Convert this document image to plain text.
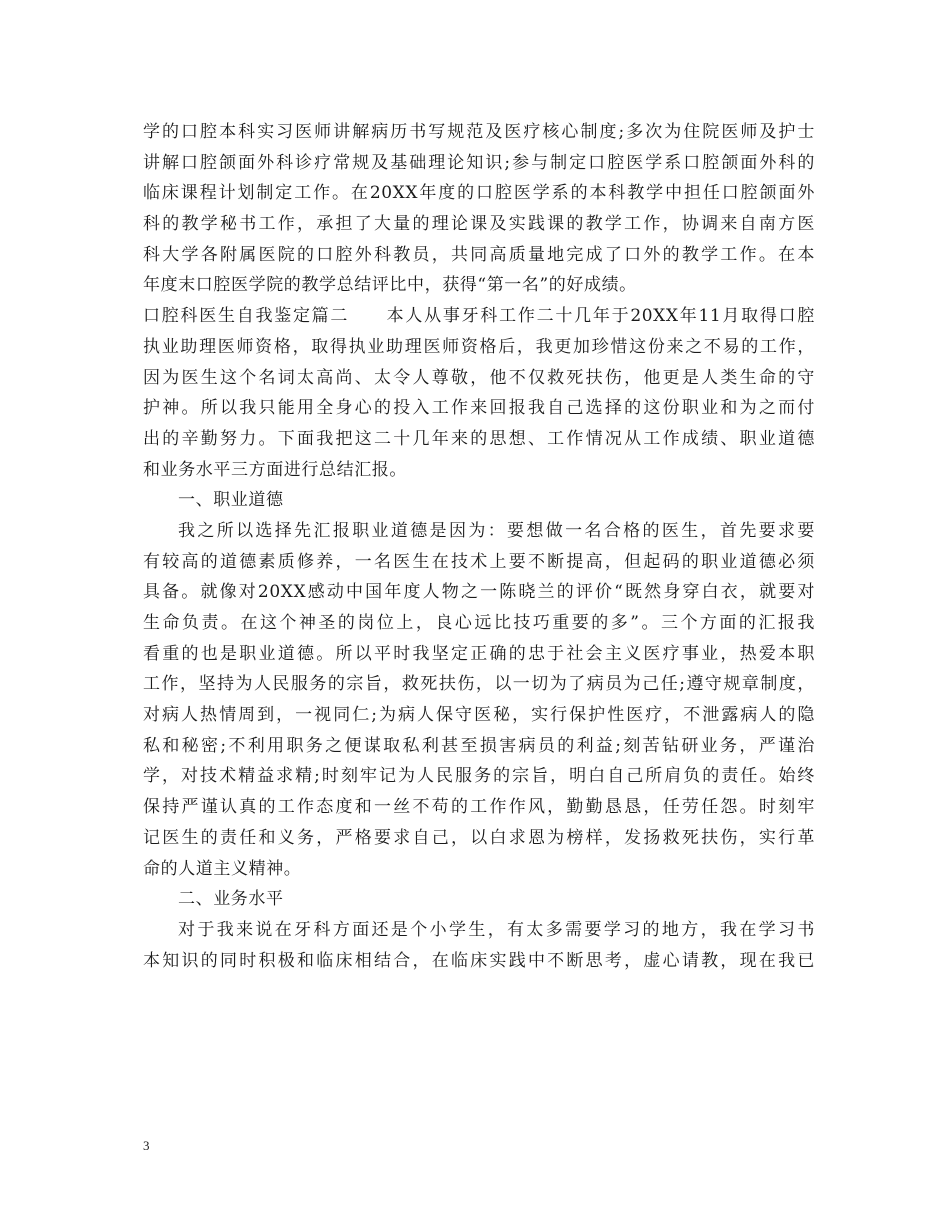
学的口腔本科实习医师讲解病历书写规范及医疗核心制度;多次为住院医师及护士
讲解口腔颌面外科诊疗常规及基础理论知识;参与制定口腔医学系口腔颌面外科的
临床课程计划制定工作。在20XX年度的口腔医学系的本科教学中担任口腔颌面外
科的教学秘书工作，承担了大量的理论课及实践课的教学工作，协调来自南方医
科大学各附属医院的口腔外科教员，共同高质量地完成了口外的教学工作。在本
年度末口腔医学院的教学总结评比中，获得“第一名”的好成绩。
口腔科医生自我鉴定篇二　　本人从事牙科工作二十几年于20XX年11月取得口腔
执业助理医师资格，取得执业助理医师资格后，我更加珍惜这份来之不易的工作，
因为医生这个名词太高尚、太令人尊敬，他不仅救死扶伤，他更是人类生命的守
护神。所以我只能用全身心的投入工作来回报我自己选择的这份职业和为之而付
出的辛勤努力。下面我把这二十几年来的思想、工作情况从工作成绩、职业道德
和业务水平三方面进行总结汇报。
一、职业道德
我之所以选择先汇报职业道德是因为：要想做一名合格的医生，首先要求要
有较高的道德素质修养，一名医生在技术上要不断提高，但起码的职业道德必须
具备。就像对20XX感动中国年度人物之一陈晓兰的评价“既然身穿白衣，就要对
生命负责。在这个神圣的岗位上，良心远比技巧重要的多”。三个方面的汇报我
看重的也是职业道德。所以平时我坚定正确的忠于社会主义医疗事业，热爱本职
工作，坚持为人民服务的宗旨，救死扶伤，以一切为了病员为己任;遵守规章制度，
对病人热情周到，一视同仁;为病人保守医秘，实行保护性医疗，不泄露病人的隐
私和秘密;不利用职务之便谋取私利甚至损害病员的利益;刻苦钻研业务，严谨治
学，对技术精益求精;时刻牢记为人民服务的宗旨，明白自己所肩负的责任。始终
保持严谨认真的工作态度和一丝不苟的工作作风，勤勤恳恳，任劳任怨。时刻牢
记医生的责任和义务，严格要求自己，以白求恩为榜样，发扬救死扶伤，实行革
命的人道主义精神。
二、业务水平
对于我来说在牙科方面还是个小学生，有太多需要学习的地方，我在学习书
本知识的同时积极和临床相结合，在临床实践中不断思考，虚心请教，现在我已
3
